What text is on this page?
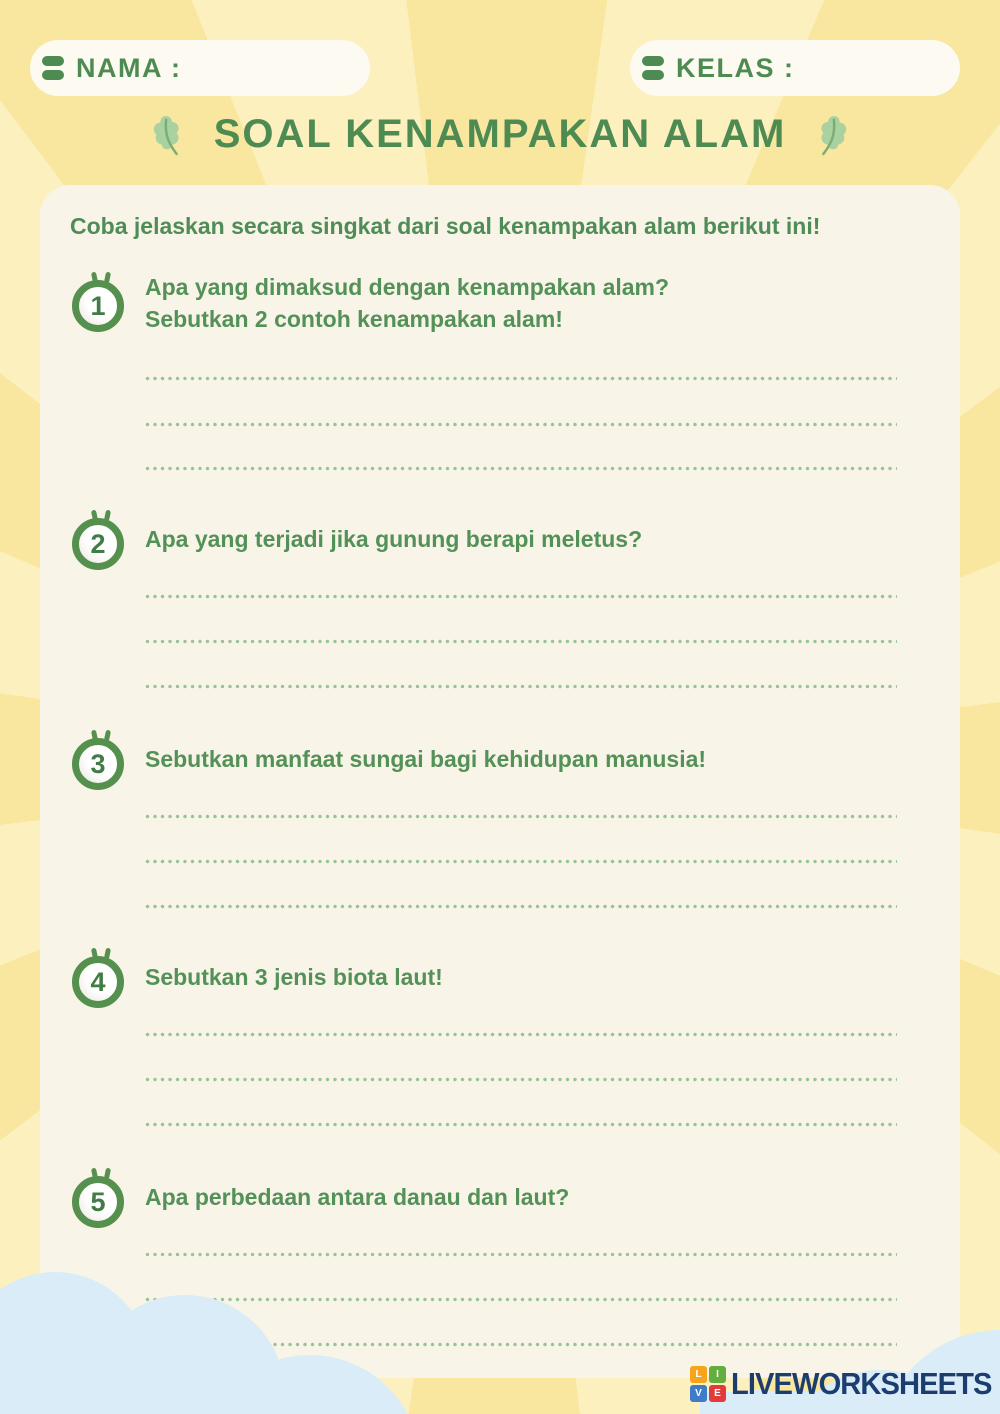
NAMA :	KELAS :
SOAL KENAMPAKAN ALAM
Coba jelaskan secara singkat dari soal kenampakan alam berikut ini!
1
Apa yang dimaksud dengan kenampakan alam?
Sebutkan 2 contoh kenampakan alam!
2 Apa yang terjadi jika gunung berapi meletus?
3 Sebutkan manfaat sungai bagi kehidupan manusia!
4 Sebutkan 3 jenis biota laut!
5 Apa perbedaan antara danau dan laut?
L	I
V	E LIVEWORKSHEETS
